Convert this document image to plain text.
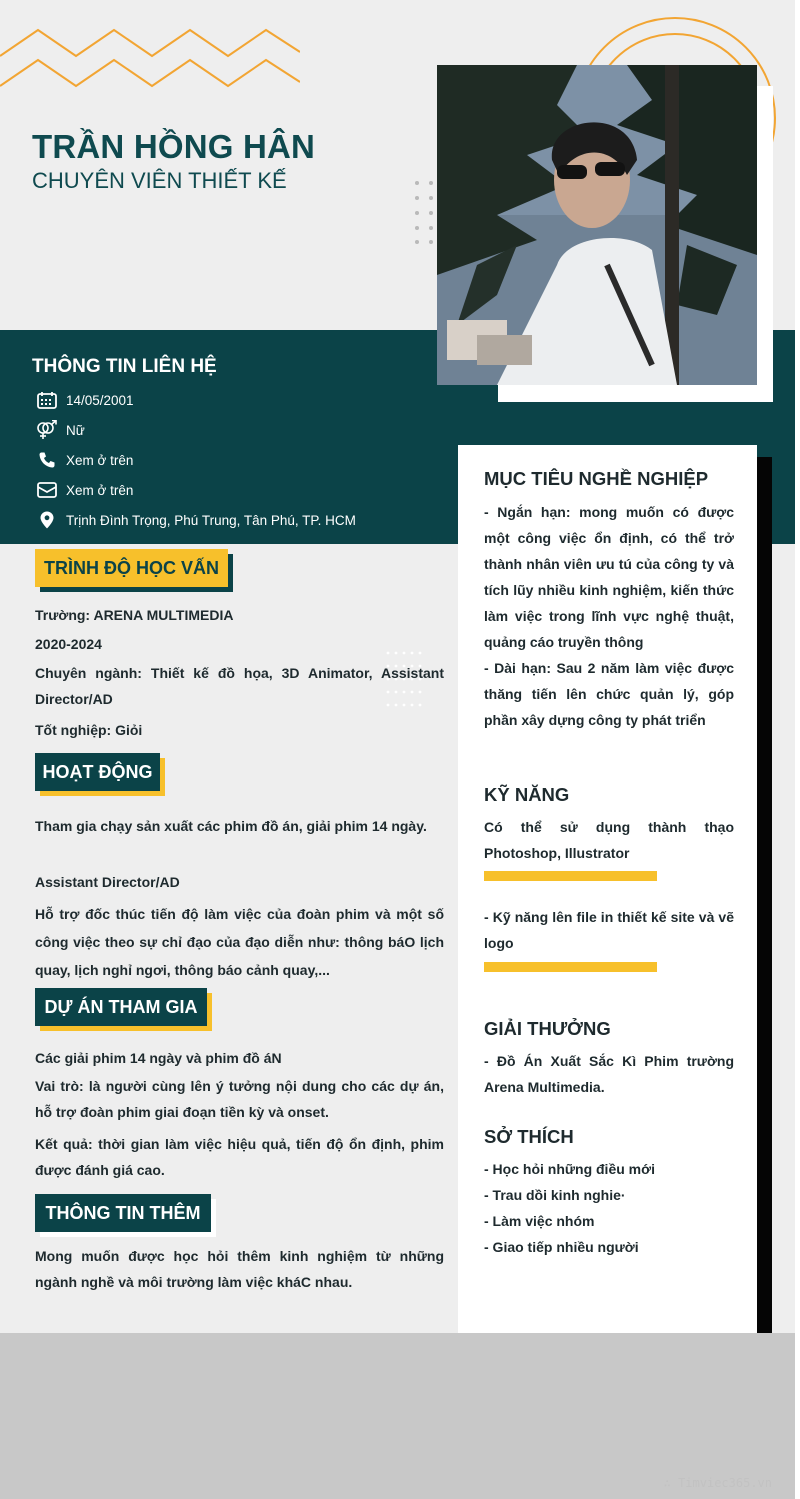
TRẦN HỒNG HÂN
CHUYÊN VIÊN THIẾT KẾ
THÔNG TIN LIÊN HỆ
14/05/2001
Nữ
Xem ở trên
Xem ở trên
Trịnh Đình Trọng, Phú Trung, Tân Phú, TP. HCM
MỤC TIÊU NGHỀ NGHIỆP
- Ngắn hạn: mong muốn có được một công việc ổn định, có thể trở thành nhân viên ưu tú của công ty và tích lũy nhiều kinh nghiệm, kiến thức làm việc trong lĩnh vực nghệ thuật, quảng cáo truyền thông
- Dài hạn: Sau 2 năm làm việc được thăng tiến lên chức quản lý, góp phần xây dựng công ty phát triển
KỸ NĂNG
Có thể sử dụng thành thạo Photoshop, Illustrator
- Kỹ năng lên file in thiết kế site và vẽ logo
GIẢI THƯỞNG
- Đồ Án Xuất Sắc Kì Phim trường Arena Multimedia.
SỞ THÍCH
- Học hỏi những điều mới
- Trau dồi kinh nghie·
- Làm việc nhóm
- Giao tiếp nhiều người
TRÌNH ĐỘ HỌC VẤN
Trường: ARENA MULTIMEDIA
2020-2024
Chuyên ngành: Thiết kế đồ họa, 3D Animator, Assistant Director/AD
Tốt nghiệp: Giỏi
HOẠT ĐỘNG
Tham gia chạy sản xuất các phim đồ án, giải phim 14 ngày.
Assistant Director/AD
Hỗ trợ đốc thúc tiến độ làm việc của đoàn phim và một số công việc theo sự chỉ đạo của đạo diễn như: thông báO lịch quay, lịch nghỉ ngơi, thông báo cảnh quay,...
DỰ ÁN THAM GIA
Các giải phim 14 ngày và phim đồ áN
Vai trò: là người cùng lên ý tưởng nội dung cho các dự án, hỗ trợ đoàn phim giai đoạn tiền kỳ và onset.
Kết quả: thời gian làm việc hiệu quả, tiến độ ổn định, phim được đánh giá cao.
THÔNG TIN THÊM
Mong muốn được học hỏi thêm kinh nghiệm từ những ngành nghề và môi trường làm việc kháC nhau.
∴ Timviec365.vn
